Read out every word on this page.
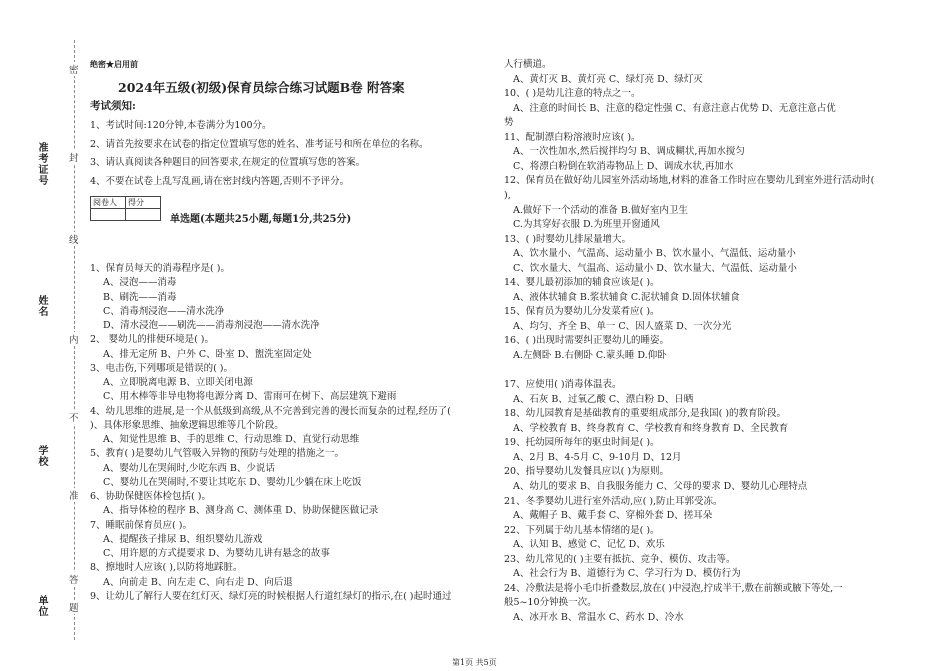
准考证号
姓名
学校
单位
密
封
线
内
不
准
答
题
绝密★启用前
2024年五级(初级)保育员综合练习试题B卷 附答案
考试须知:
1、考试时间:120分钟,本卷满分为100分。
2、请首先按要求在试卷的指定位置填写您的姓名、准考证号和所在单位的名称。
3、请认真阅读各种题目的回答要求,在规定的位置填写您的答案。
4、不要在试卷上乱写乱画,请在密封线内答题,否则不予评分。
阅卷人	得分

单选题(本题共25小题,每题1分,共25分)
1、保育员每天的消毒程序是( )。
A、浸泡——消毒
B、刷洗——消毒
C、消毒剂浸泡——清水洗净
D、清水浸泡——刷洗——消毒剂浸泡——清水洗净
2、 婴幼儿的排便环境是( )。
A、排无定所 B、户外 C、卧室 D、盥洗室固定处
3、电击伤,下列哪项是错误的( )。
A、立即脱离电源 B、立即关闭电源
C、用木棒等非导电物将电源分离 D、雷雨可在树下、高层建筑下避雨
4、幼儿思维的进展,是一个从低级到高级,从不完善到完善的漫长而复杂的过程,经历了(
)、具体形象思维、抽象逻辑思维等几个阶段。
A、知觉性思维 B、手的思维 C、行动思维 D、直觉行动思维
5、教育( )是婴幼儿气管吸入异物的预防与处理的措施之一。
A、婴幼儿在哭闹时,少吃东西 B、少说话
C、婴幼儿在哭闹时,不要让其吃东 D、婴幼儿少躺在床上吃饭
6、协助保健医体检包括( )。
A、指导体检的程序 B、测身高 C、测体重 D、协助保健医做记录
7、睡眠前保育员应( )。
A、提醒孩子排尿 B、组织婴幼儿游戏
C、用许愿的方式提要求 D、为婴幼儿讲有悬念的故事
8、擦地时人应该( ),以防将地踩脏。
A、向前走 B、向左走 C、向右走 D、向后退
9、让幼儿了解行人要在红灯灭、绿灯亮的时候根据人行道红绿灯的指示,在( )起时通过
人行横道。
A、黄灯灭 B、黄灯亮 C、绿灯亮 D、绿灯灭
10、( )是幼儿注意的特点之一。
A、注意的时间长 B、注意的稳定性强 C、有意注意占优势 D、无意注意占优
势
11、配制漂白粉溶液时应该( )。
A、一次性加水,然后搅拌均匀 B、调成糊状,再加水搅匀
C、将漂白粉倒在软消毒物品上 D、调成水状,再加水
12、保育员在做好幼儿园室外活动场地,材料的准备工作时应在婴幼儿到室外进行活动时(
),
A.做好下一个活动的准备 B.做好室内卫生
C.为其穿好衣服 D.为班里开窗通风
13、( )时婴幼儿排尿量增大。
A、饮水量小、气温高、运动量小 B、饮水量小、气温低、运动量小
C、饮水量大、气温高、运动量小 D、饮水量大、气温低、运动量小
14、婴儿最初添加的辅食应该是( )。
A、液体状辅食 B.浆状辅食 C.泥状辅食 D.固体状辅食
15、保育员为婴幼儿分发菜肴应( )。
A、均匀、齐全 B、单一 C、因人盛菜 D、一次分光
16、( )出现时需要纠正婴幼儿的睡姿。
A.左侧卧 B.右侧卧 C.蒙头睡 D.仰卧
17、应使用( )消毒体温表。
A、石灰 B、过氧乙酸 C、漂白粉 D、日晒
18、幼儿园教育是基础教育的重要组成部分,是我国( )的教育阶段。
A、学校教育 B、终身教育 C、学校教育和终身教育 D、全民教育
19、托幼园所每年的驱虫时间是( )。
A、2月 B、4-5月 C、9-10月 D、12月
20、指导婴幼儿发餐具应以( )为原则。
A、幼儿的要求 B、自我服务能力 C、父母的要求 D、婴幼儿心理特点
21、冬季婴幼儿进行室外活动,应( ),防止耳郭受冻。
A、戴帽子 B、戴手套 C、穿棉外套 D、搓耳朵
22、下列属于幼儿基本情绪的是( )。
A、认知 B、感觉 C、记忆 D、欢乐
23、幼儿常见的( )主要有抵抗、竞争、模仿、攻击等。
A、社会行为 B、道德行为 C、学习行为 D、模仿行为
24、冷敷法是将小毛巾折叠数层,放在( )中浸泡,拧成半干,敷在前额或腋下等处,一
般5~10分钟换一次。
A、冰开水 B、常温水 C、药水 D、冷水
第1页 共5页
